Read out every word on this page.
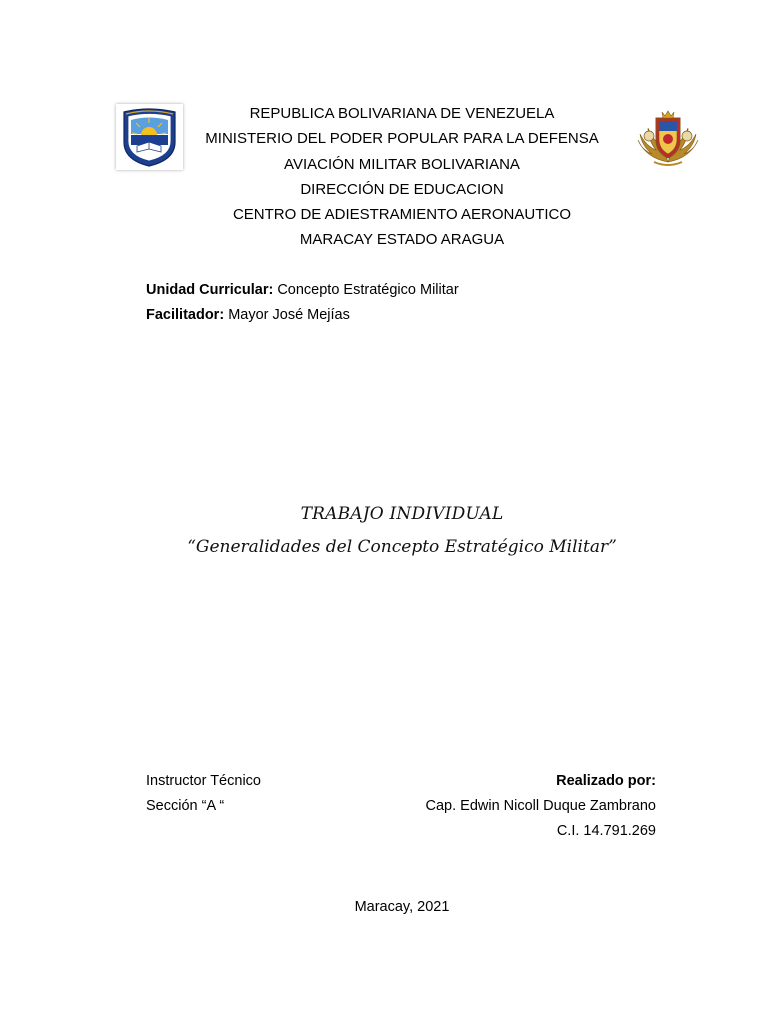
REPUBLICA BOLIVARIANA DE VENEZUELA
MINISTERIO DEL PODER POPULAR PARA LA DEFENSA
AVIACIÓN MILITAR BOLIVARIANA
DIRECCIÓN DE EDUCACION
CENTRO DE ADIESTRAMIENTO AERONAUTICO
MARACAY ESTADO ARAGUA
Unidad Curricular: Concepto Estratégico Militar
Facilitador: Mayor José Mejías
TRABAJO INDIVIDUAL
“Generalidades del Concepto Estratégico Militar”
Instructor Técnico
Sección “A “
Realizado por:
Cap. Edwin Nicoll Duque Zambrano
C.I. 14.791.269
Maracay, 2021
